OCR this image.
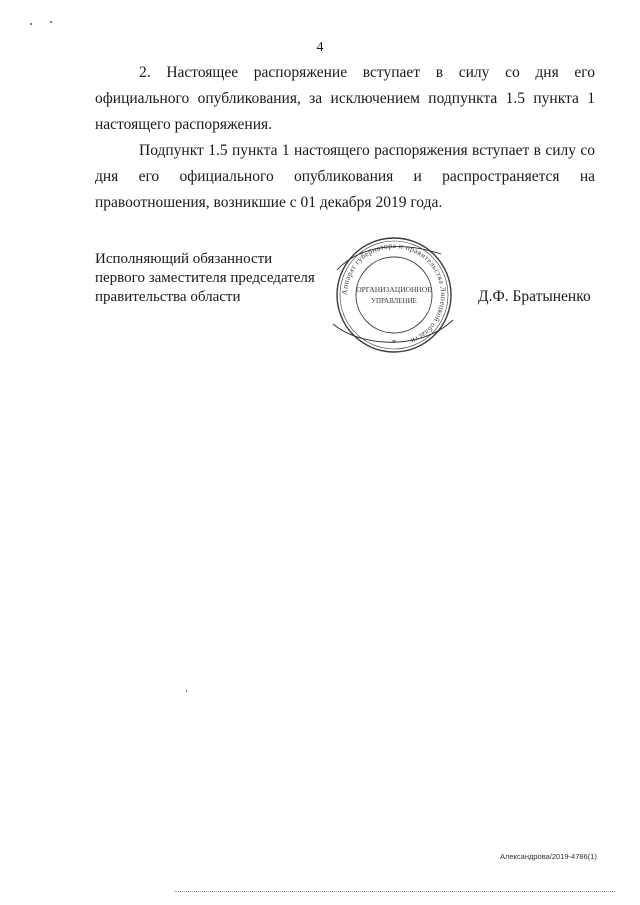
4

2. Настоящее распоряжение вступает в силу со дня его официального опубликования, за исключением подпункта 1.5 пункта 1 настоящего распоряжения.

Подпункт 1.5 пункта 1 настоящего распоряжения вступает в силу со дня его официального опубликования и распространяется на правоотношения, возникшие с 01 декабря 2019 года.

Исполняющий обязанности
первого заместителя председателя
правительства области	Аппарат губернатора и правительства Липецкой области
ОРГАНИЗАЦИОННОЕ
УПРАВЛЕНИЕ
*
Д.Ф. Братыненко
Александрова/2019-4786(1)
